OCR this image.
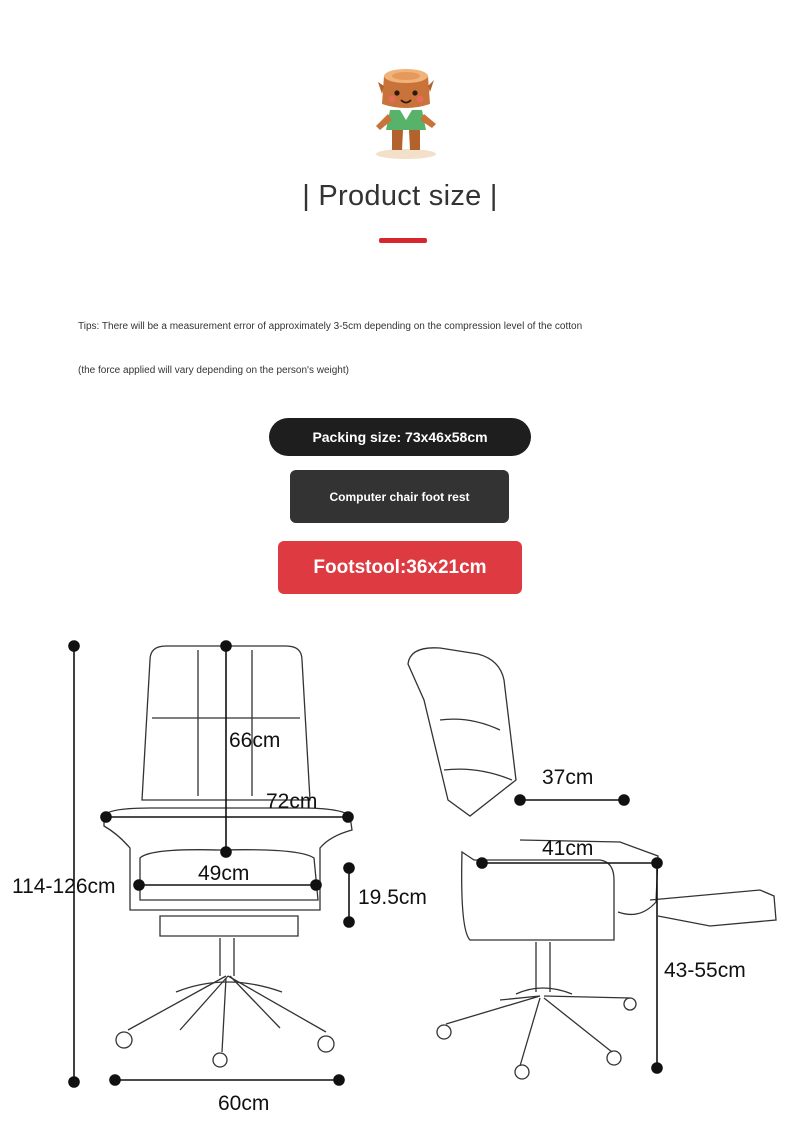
| Product size |
Tips: There will be a measurement error of approximately 3-5cm depending on the compression level of the cotton
(the force applied will vary depending on the person's weight)
Packing size: 73x46x58cm
Computer chair foot rest
Footstool:36x21cm
66cm
72cm
49cm
19.5cm
114-126cm
60cm
37cm
41cm
43-55cm
